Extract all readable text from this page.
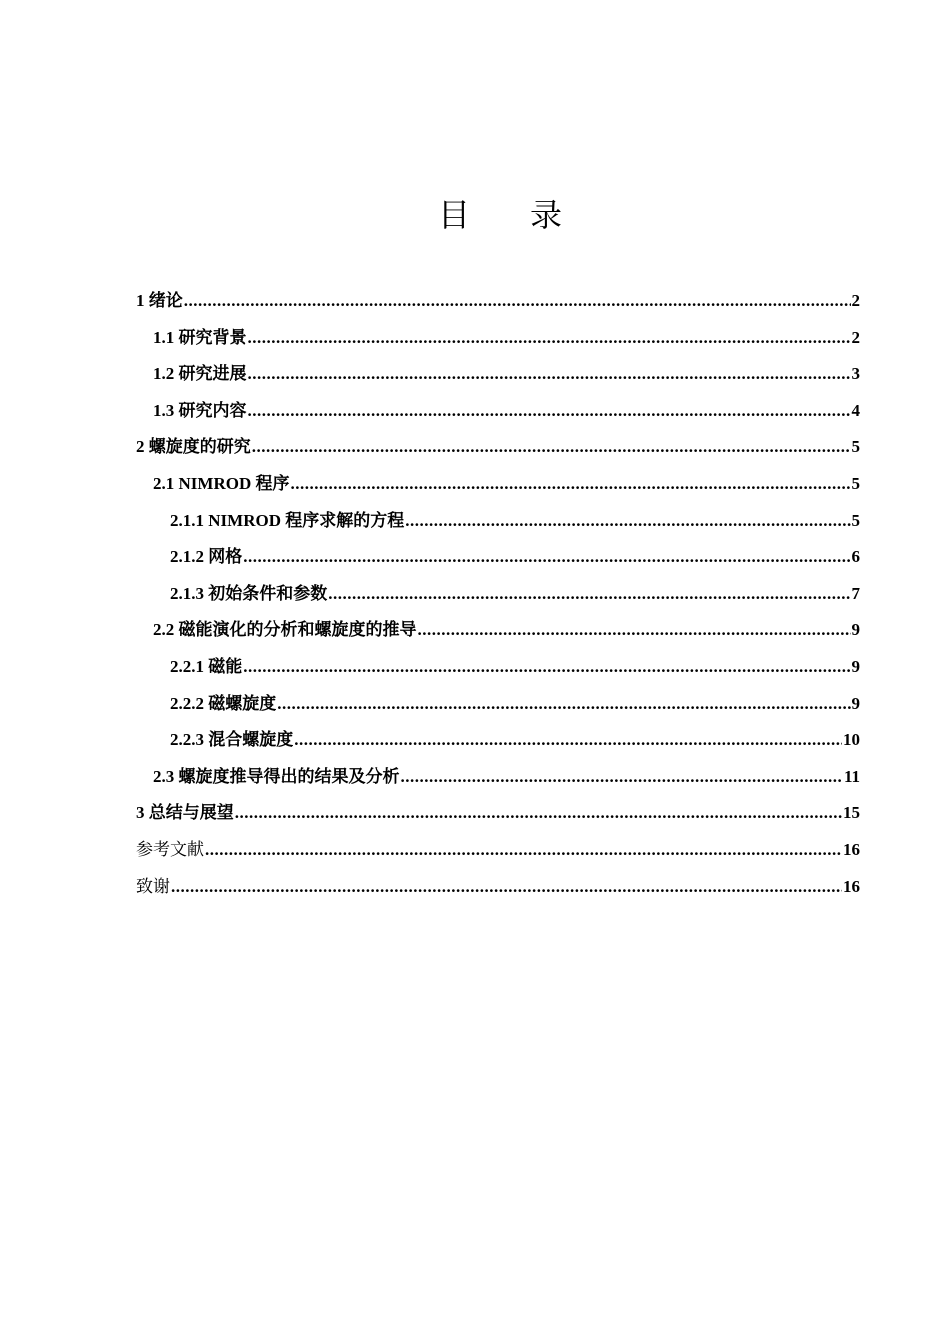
目 录
1 绪论 .....	2
1.1 研究背景 .....	2
1.2 研究进展 .....	3
1.3 研究内容 .....	4
2 螺旋度的研究 .....	5
2.1 NIMROD 程序 .....	5
2.1.1 NIMROD 程序求解的方程 .....	5
2.1.2 网格 .....	6
2.1.3 初始条件和参数 .....	7
2.2 磁能演化的分析和螺旋度的推导 .....	9
2.2.1 磁能 .....	9
2.2.2 磁螺旋度 .....	9
2.2.3 混合螺旋度 .....	10
2.3 螺旋度推导得出的结果及分析 .....	11
3 总结与展望 .....	15
参考文献 .....	16
致谢 .....	16
